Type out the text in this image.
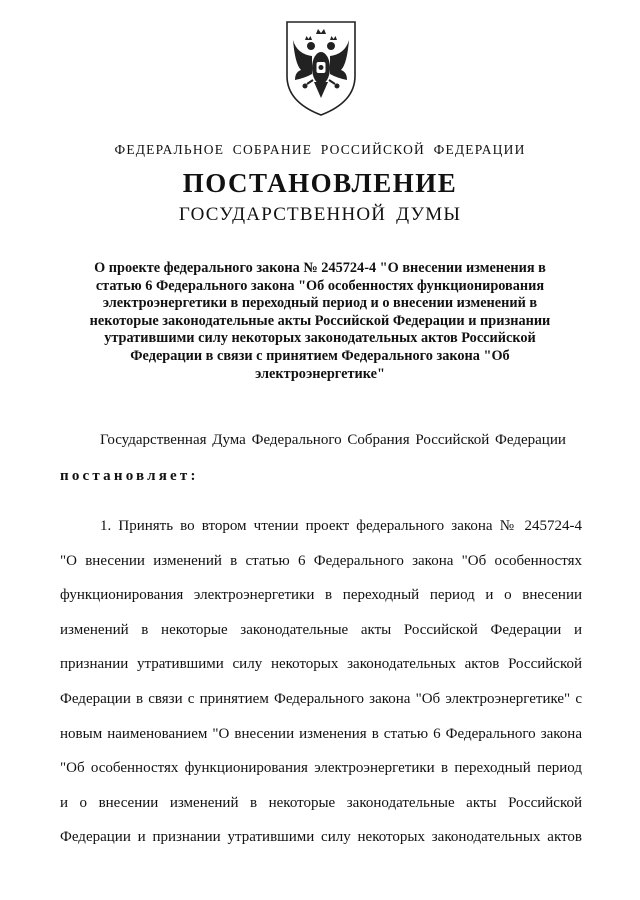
ФЕДЕРАЛЬНОЕ СОБРАНИЕ РОССИЙСКОЙ ФЕДЕРАЦИИ
ПОСТАНОВЛЕНИЕ
ГОСУДАРСТВЕННОЙ ДУМЫ
О проекте федерального закона № 245724-4 "О внесении изменения в
статью 6 Федерального закона "Об особенностях функционирования
электроэнергетики в переходный период и о внесении изменений в
некоторые законодательные акты Российской Федерации и признании
утратившими силу некоторых законодательных актов Российской
Федерации в связи с принятием Федерального закона "Об
электроэнергетике"
Государственная Дума Федерального Собрания Российской Федерации
постановляет:
1. Принять во втором чтении проект федерального закона № 245724-4
"О внесении изменений в статью 6 Федерального закона "Об особенностях
функционирования электроэнергетики в переходный период и о внесении
изменений в некоторые законодательные акты Российской Федерации и
признании утратившими силу некоторых законодательных актов Российской
Федерации в связи с принятием Федерального закона "Об электроэнергетике" с
новым наименованием "О внесении изменения в статью 6 Федерального закона
"Об особенностях функционирования электроэнергетики в переходный период
и о внесении изменений в некоторые законодательные акты Российской
Федерации и признании утратившими силу некоторых законодательных актов
